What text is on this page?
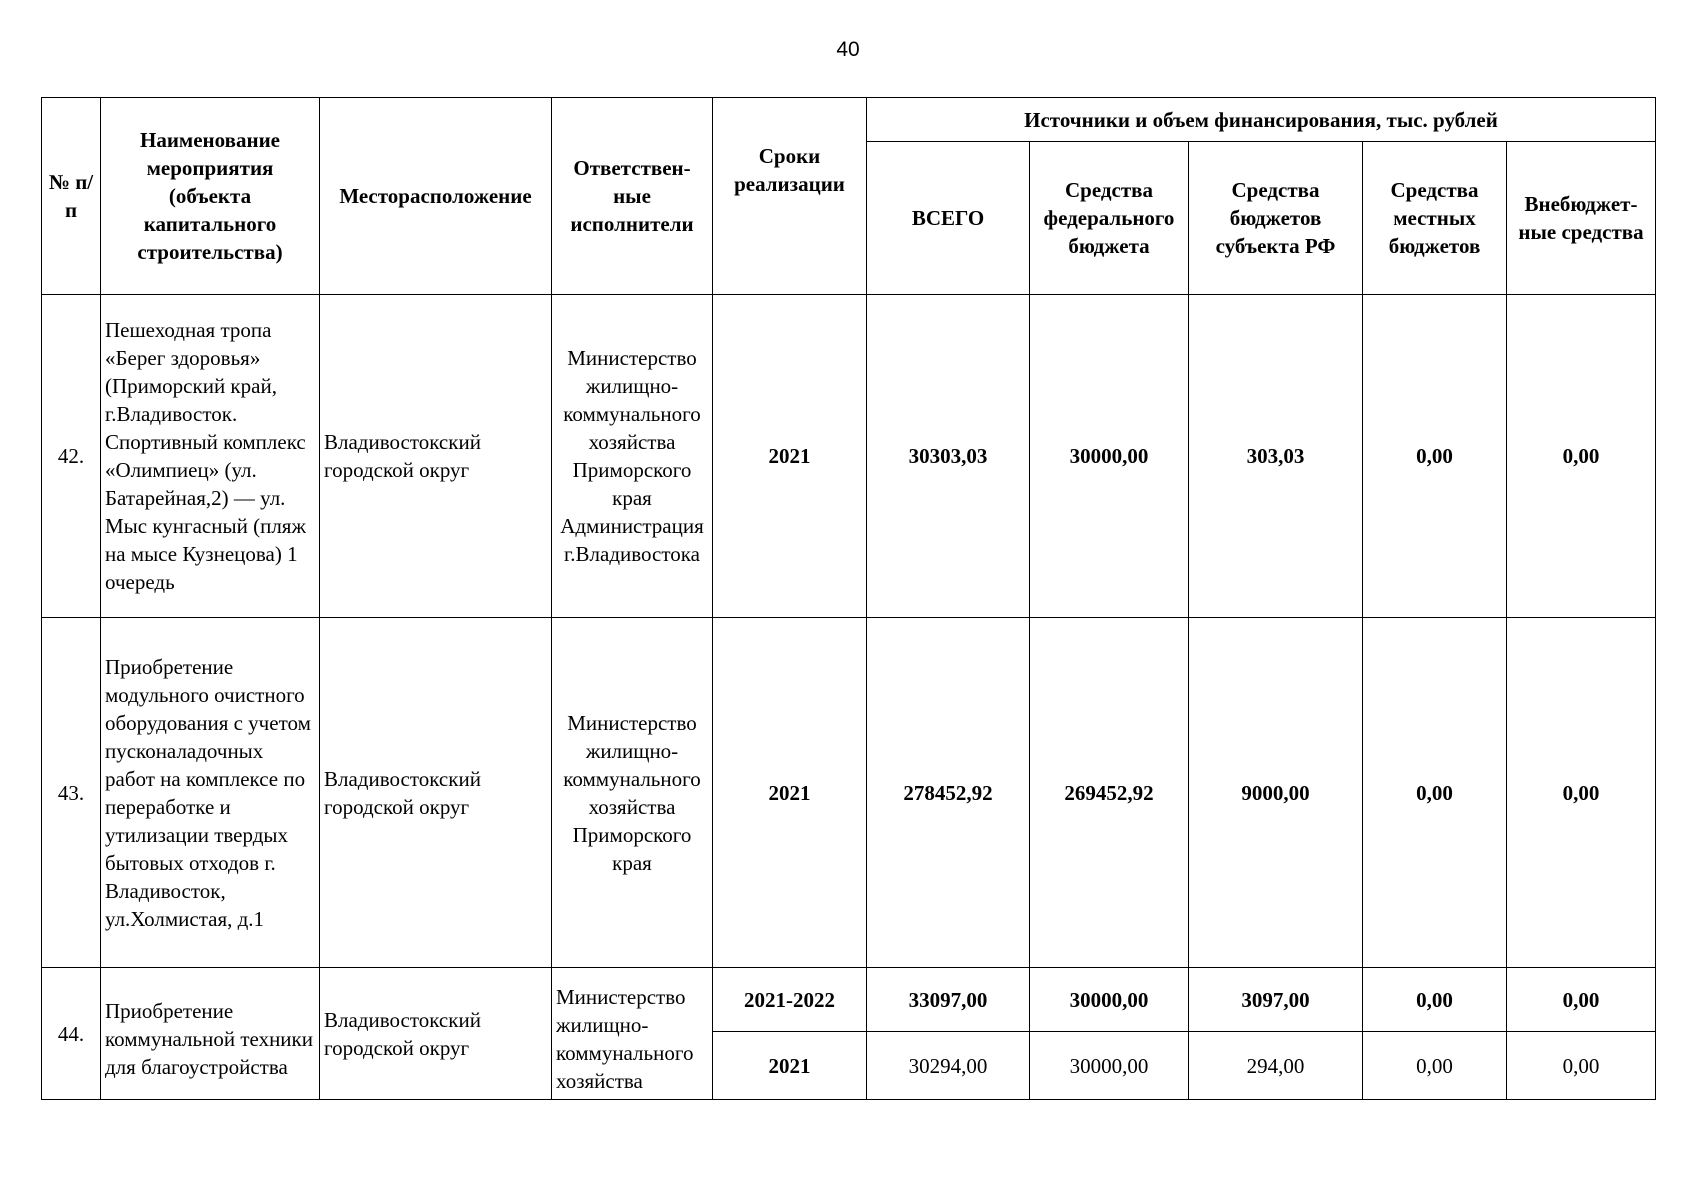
40
№ п/п	Наименование мероприятия (объекта капитального строительства)	Месторасположение	Ответствен-ные исполнители	Сроки реализации	Источники и объем финансирования, тыс. рублей				
					ВСЕГО	Средства федерального бюджета	Средства бюджетов субъекта РФ	Средства местных бюджетов	Внебюджет-ные средства
42.	Пешеходная тропа «Берег здоровья» (Приморский край, г.Владивосток. Спортивный комплекс «Олимпиец» (ул. Батарейная,2) — ул. Мыс кунгасный (пляж на мысе Кузнецова) 1 очередь	Владивостокский городской округ	Министерство жилищно-коммунального хозяйства Приморского края Администрация г.Владивостока	2021	30303,03	30000,00	303,03	0,00	0,00
43.	Приобретение модульного очистного оборудования с учетом пусконаладочных работ на комплексе по переработке и утилизации твердых бытовых отходов г. Владивосток, ул.Холмистая, д.1	Владивостокский городской округ	Министерство жилищно-коммунального хозяйства Приморского края	2021	278452,92	269452,92	9000,00	0,00	0,00
44.	Приобретение коммунальной техники для благоустройства	Владивостокский городской округ	Министерство жилищно-коммунального хозяйства	2021-2022	33097,00	30000,00	3097,00	0,00	0,00
				2021	30294,00	30000,00	294,00	0,00	0,00
